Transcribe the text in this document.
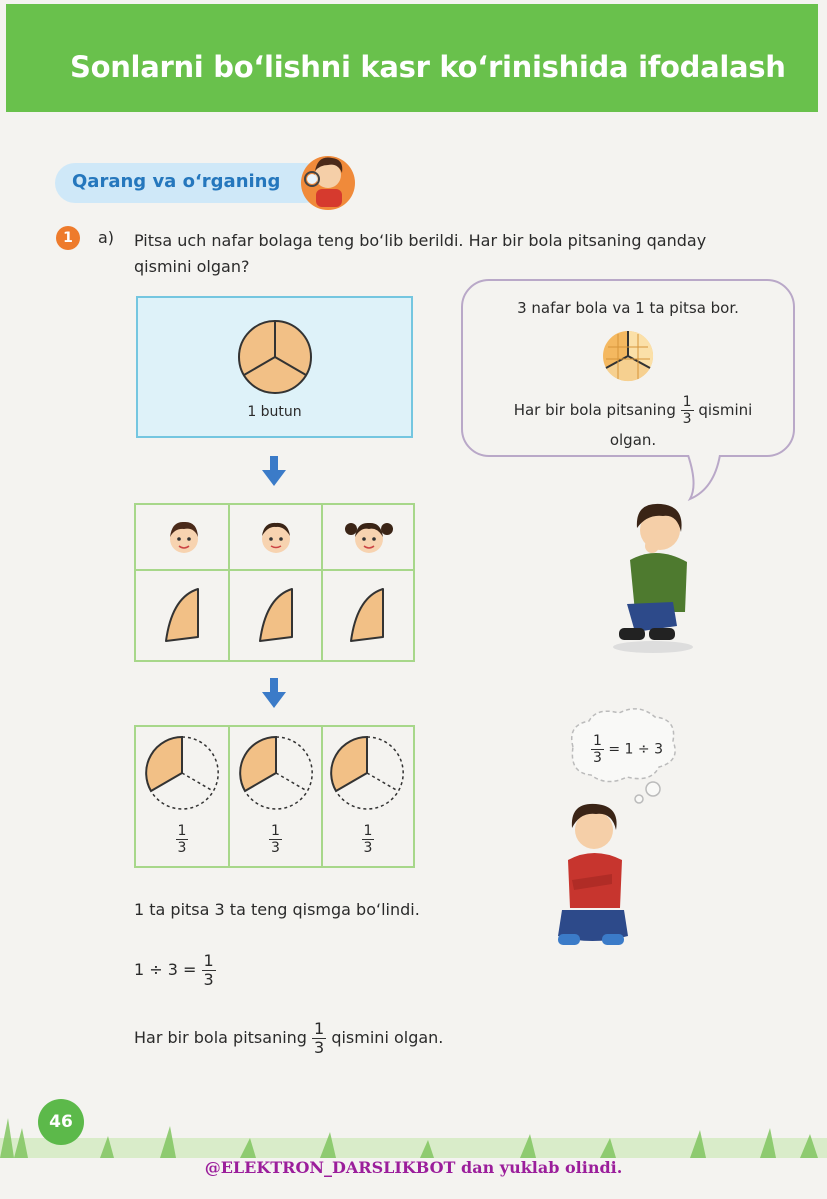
Sonlarni bo‘lishni kasr ko‘rinishida ifodalash
Qarang va o‘rganing
1	a) Pitsa uch nafar bolaga teng bo‘lib berildi. Har bir bola pitsaning qanday qismini olgan?
1 butun
$\frac{1}{3}$	$\frac{1}{3}$	$\frac{1}{3}$
3 nafar bola va 1 ta pitsa bor.
Har bir bola pitsaning $\frac{1}{3}$ qismini
olgan.
$\frac{1}{3} = 1 \div 3$
1 ta pitsa 3 ta teng qismga bo‘lindi.
$1 \div 3 = \frac{1}{3}$
Har bir bola pitsaning $\frac{1}{3}$ qismini olgan.
46
@ELEKTRON_DARSLIKBOT dan yuklab olindi.
